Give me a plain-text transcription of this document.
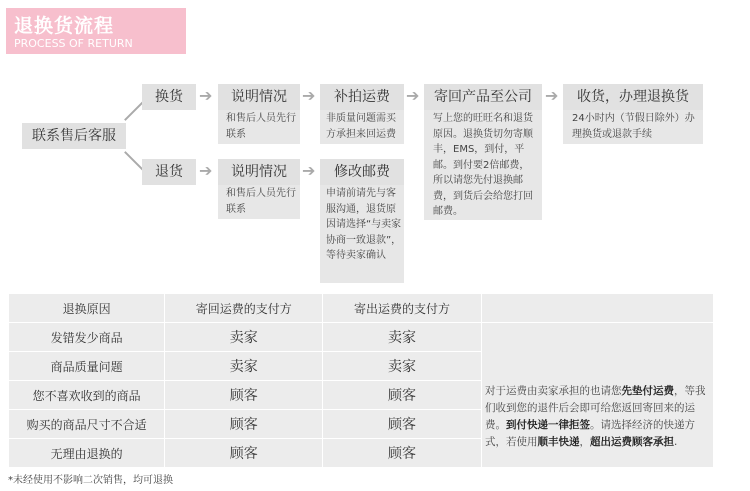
退换货流程
PROCESS OF RETURN
联系售后客服
换货	➔	说明情况
和售后人员先行联系
➔	补拍运费
非质量问题需买方承担来回运费
➔	寄回产品至公司
写上您的旺旺名和退货原因。退换货切勿寄顺丰，EMS，到付，平邮。到付要2倍邮费，所以请您先付退换邮费，到货后会给您打回邮费。
➔	收货，办理退换货
24小时内（节假日除外）办理换货或退款手续
退货	➔	说明情况
和售后人员先行联系
➔	修改邮费
申请前请先与客服沟通，退货原因请选择“与卖家协商一致退款”，等待卖家确认
退换原因	寄回运费的支付方	寄出运费的支付方	
发错发少商品	卖家	卖家	
商品质量问题	卖家	卖家	
您不喜欢收到的商品	顾客	顾客	
购买的商品尺寸不合适	顾客	顾客	
无理由退换的	顾客	顾客	
对于运费由卖家承担的也请您先垫付运费，等我们收到您的退件后会即可给您返回寄回来的运费。到付快递一律拒签。请选择经济的快递方式，若使用顺丰快递，超出运费顾客承担.
*未经使用不影响二次销售，均可退换
